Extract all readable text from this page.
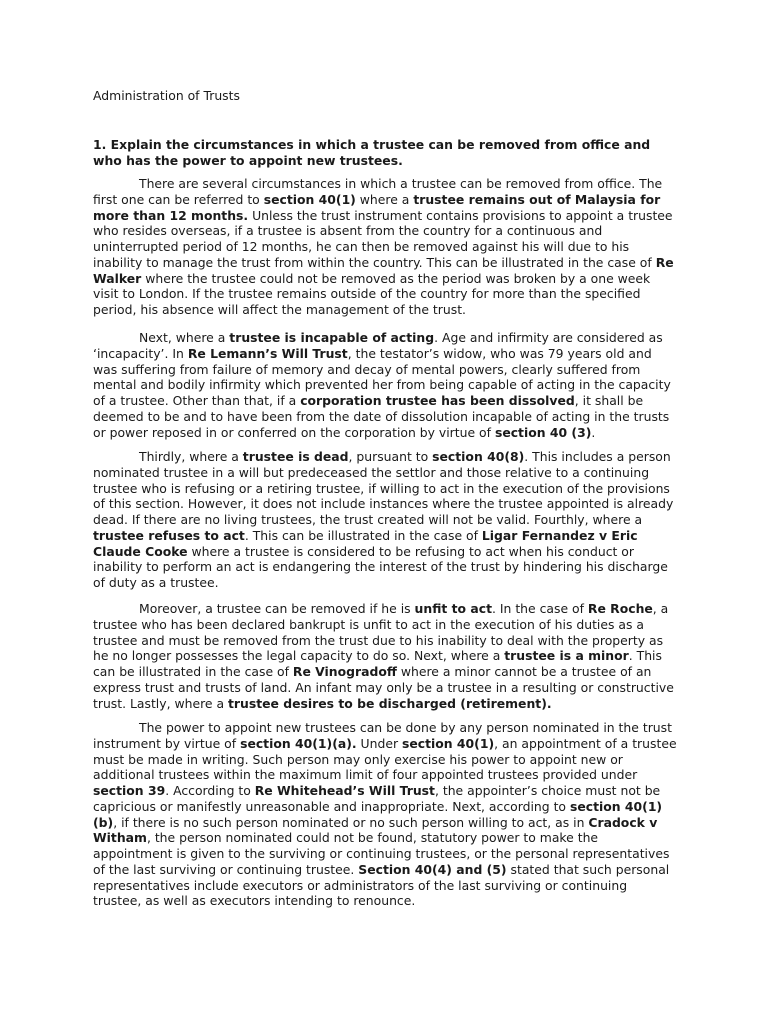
Administration of Trusts
1. Explain the circumstances in which a trustee can be removed from office and who has the power to appoint new trustees.

There are several circumstances in which a trustee can be removed from office. The first one can be referred to section 40(1) where a trustee remains out of Malaysia for more than 12 months. Unless the trust instrument contains provisions to appoint a trustee who resides overseas, if a trustee is absent from the country for a continuous and uninterrupted period of 12 months, he can then be removed against his will due to his inability to manage the trust from within the country. This can be illustrated in the case of Re Walker where the trustee could not be removed as the period was broken by a one week visit to London. If the trustee remains outside of the country for more than the specified period, his absence will affect the management of the trust.

Next, where a trustee is incapable of acting. Age and infirmity are considered as ‘incapacity’. In Re Lemann’s Will Trust, the testator’s widow, who was 79 years old and was suffering from failure of memory and decay of mental powers, clearly suffered from mental and bodily infirmity which prevented her from being capable of acting in the capacity of a trustee. Other than that, if a corporation trustee has been dissolved, it shall be deemed to be and to have been from the date of dissolution incapable of acting in the trusts or power reposed in or conferred on the corporation by virtue of section 40 (3).

Thirdly, where a trustee is dead, pursuant to section 40(8). This includes a person nominated trustee in a will but predeceased the settlor and those relative to a continuing trustee who is refusing or a retiring trustee, if willing to act in the execution of the provisions of this section. However, it does not include instances where the trustee appointed is already dead. If there are no living trustees, the trust created will not be valid. Fourthly, where a trustee refuses to act. This can be illustrated in the case of Ligar Fernandez v Eric Claude Cooke where a trustee is considered to be refusing to act when his conduct or inability to perform an act is endangering the interest of the trust by hindering his discharge of duty as a trustee.

Moreover, a trustee can be removed if he is unfit to act. In the case of Re Roche, a trustee who has been declared bankrupt is unfit to act in the execution of his duties as a trustee and must be removed from the trust due to his inability to deal with the property as he no longer possesses the legal capacity to do so. Next, where a trustee is a minor. This can be illustrated in the case of Re Vinogradoff where a minor cannot be a trustee of an express trust and trusts of land. An infant may only be a trustee in a resulting or constructive trust. Lastly, where a trustee desires to be discharged (retirement).

The power to appoint new trustees can be done by any person nominated in the trust instrument by virtue of section 40(1)(a). Under section 40(1), an appointment of a trustee must be made in writing. Such person may only exercise his power to appoint new or additional trustees within the maximum limit of four appointed trustees provided under section 39. According to Re Whitehead’s Will Trust, the appointer’s choice must not be capricious or manifestly unreasonable and inappropriate. Next, according to section 40(1) (b), if there is no such person nominated or no such person willing to act, as in Cradock v Witham, the person nominated could not be found, statutory power to make the appointment is given to the surviving or continuing trustees, or the personal representatives of the last surviving or continuing trustee. Section 40(4) and (5) stated that such personal representatives include executors or administrators of the last surviving or continuing trustee, as well as executors intending to renounce.
